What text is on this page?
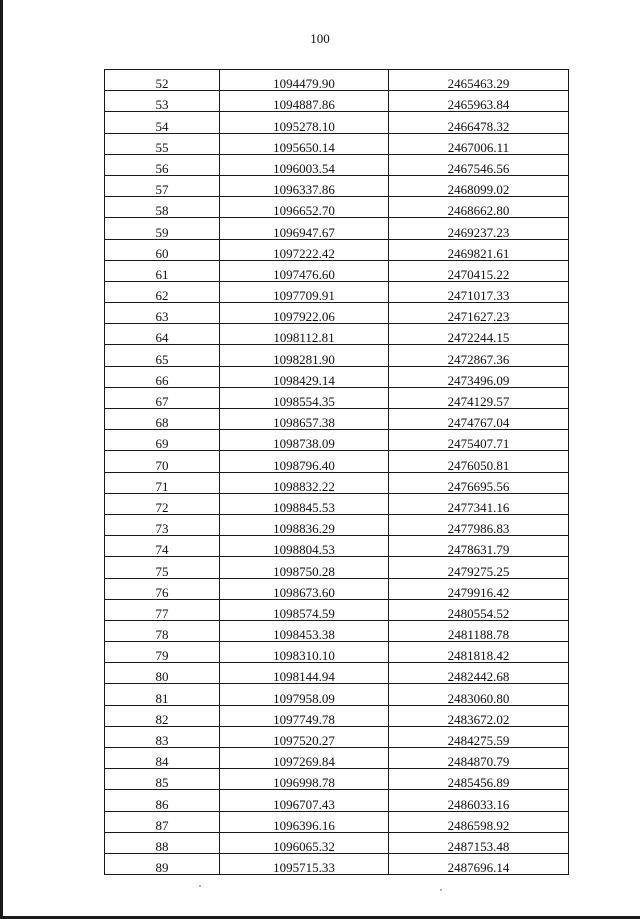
100
52	1094479.90	2465463.29
53	1094887.86	2465963.84
54	1095278.10	2466478.32
55	1095650.14	2467006.11
56	1096003.54	2467546.56
57	1096337.86	2468099.02
58	1096652.70	2468662.80
59	1096947.67	2469237.23
60	1097222.42	2469821.61
61	1097476.60	2470415.22
62	1097709.91	2471017.33
63	1097922.06	2471627.23
64	1098112.81	2472244.15
65	1098281.90	2472867.36
66	1098429.14	2473496.09
67	1098554.35	2474129.57
68	1098657.38	2474767.04
69	1098738.09	2475407.71
70	1098796.40	2476050.81
71	1098832.22	2476695.56
72	1098845.53	2477341.16
73	1098836.29	2477986.83
74	1098804.53	2478631.79
75	1098750.28	2479275.25
76	1098673.60	2479916.42
77	1098574.59	2480554.52
78	1098453.38	2481188.78
79	1098310.10	2481818.42
80	1098144.94	2482442.68
81	1097958.09	2483060.80
82	1097749.78	2483672.02
83	1097520.27	2484275.59
84	1097269.84	2484870.79
85	1096998.78	2485456.89
86	1096707.43	2486033.16
87	1096396.16	2486598.92
88	1096065.32	2487153.48
89	1095715.33	2487696.14
